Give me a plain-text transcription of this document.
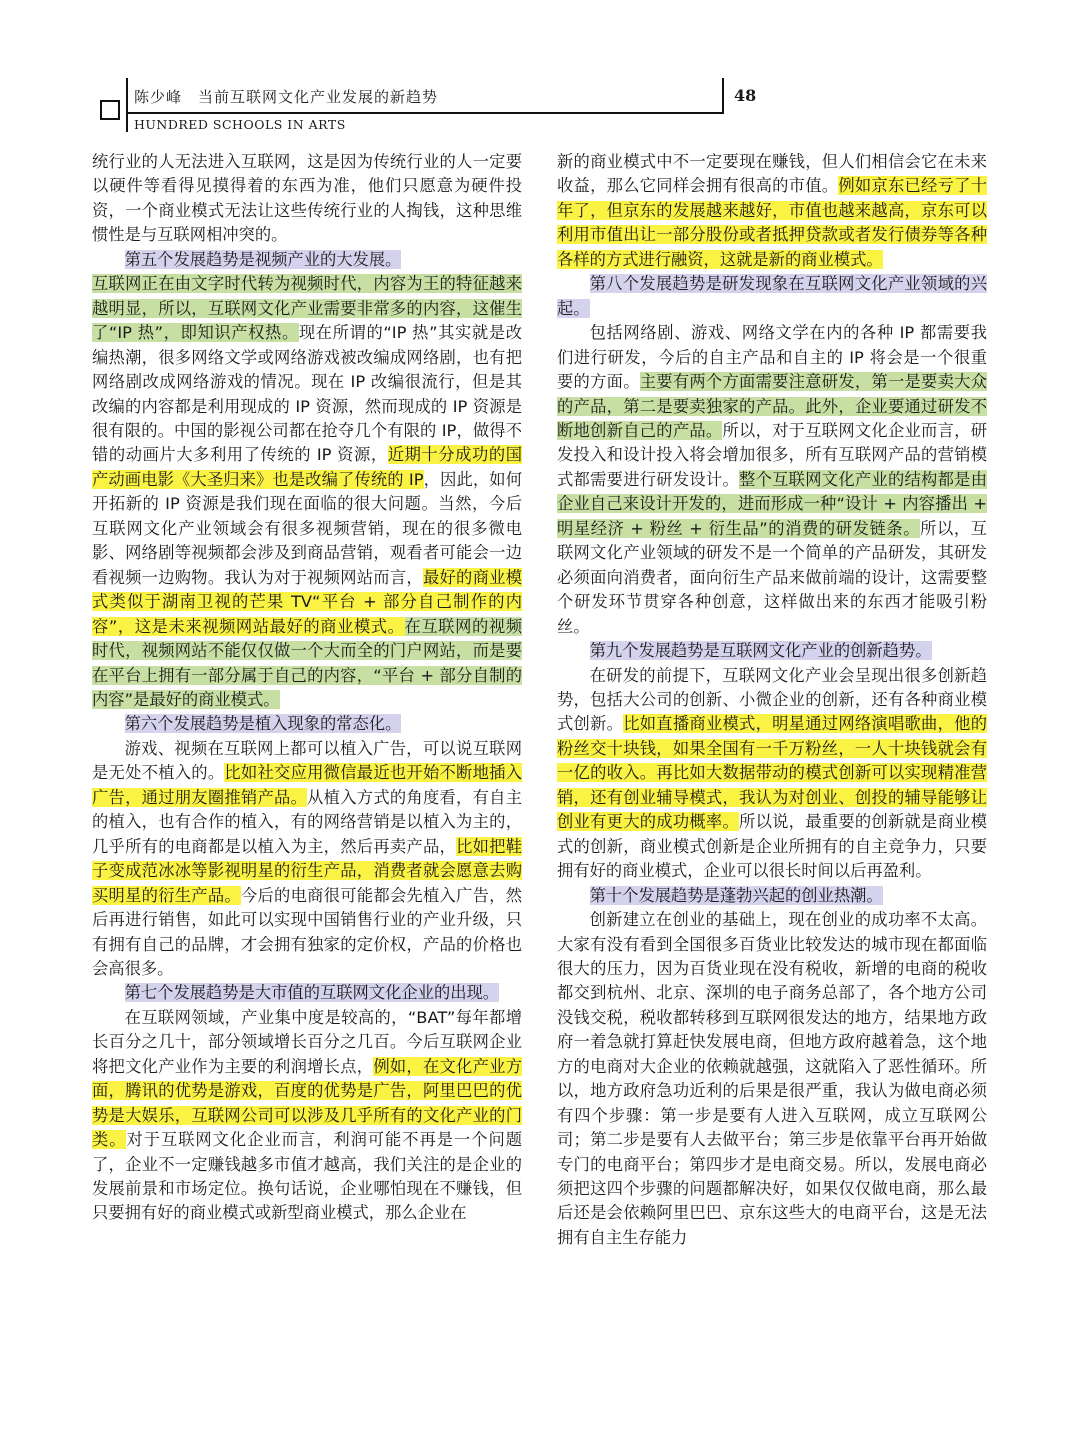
陈少峰　当前互联网文化产业发展的新趋势
HUNDRED SCHOOLS IN ARTS
48

统行业的人无法进入互联网，这是因为传统行业的人一定要以硬件等看得见摸得着的东西为准，他们只愿意为硬件投资，一个商业模式无法让这些传统行业的人掏钱，这种思维惯性是与互联网相冲突的。

第五个发展趋势是视频产业的大发展。

互联网正在由文字时代转为视频时代，内容为王的特征越来越明显，所以，互联网文化产业需要非常多的内容，这催生了“IP 热”，即知识产权热。现在所谓的“IP 热”其实就是改编热潮，很多网络文学或网络游戏被改编成网络剧，也有把网络剧改成网络游戏的情况。现在 IP 改编很流行，但是其改编的内容都是利用现成的 IP 资源，然而现成的 IP 资源是很有限的。中国的影视公司都在抢夺几个有限的 IP，做得不错的动画片大多利用了传统的 IP 资源，近期十分成功的国产动画电影《大圣归来》也是改编了传统的 IP，因此，如何开拓新的 IP 资源是我们现在面临的很大问题。当然，今后互联网文化产业领域会有很多视频营销，现在的很多微电影、网络剧等视频都会涉及到商品营销，观看者可能会一边看视频一边购物。我认为对于视频网站而言，最好的商业模式类似于湖南卫视的芒果 TV“平台 + 部分自己制作的内容”，这是未来视频网站最好的商业模式。在互联网的视频时代，视频网站不能仅仅做一个大而全的门户网站，而是要在平台上拥有一部分属于自己的内容，“平台 + 部分自制的内容”是最好的商业模式。

第六个发展趋势是植入现象的常态化。

游戏、视频在互联网上都可以植入广告，可以说互联网是无处不植入的。比如社交应用微信最近也开始不断地插入广告，通过朋友圈推销产品。从植入方式的角度看，有自主的植入，也有合作的植入，有的网络营销是以植入为主的，几乎所有的电商都是以植入为主，然后再卖产品，比如把鞋子变成范冰冰等影视明星的衍生产品，消费者就会愿意去购买明星的衍生产品。今后的电商很可能都会先植入广告，然后再进行销售，如此可以实现中国销售行业的产业升级，只有拥有自己的品牌，才会拥有独家的定价权，产品的价格也会高很多。

第七个发展趋势是大市值的互联网文化企业的出现。

在互联网领域，产业集中度是较高的，“BAT”每年都增长百分之几十，部分领域增长百分之几百。今后互联网企业将把文化产业作为主要的利润增长点，例如，在文化产业方面，腾讯的优势是游戏，百度的优势是广告，阿里巴巴的优势是大娱乐，互联网公司可以涉及几乎所有的文化产业的门类。对于互联网文化企业而言，利润可能不再是一个问题了，企业不一定赚钱越多市值才越高，我们关注的是企业的发展前景和市场定位。换句话说，企业哪怕现在不赚钱，但只要拥有好的商业模式或新型商业模式，那么企业在

新的商业模式中不一定要现在赚钱，但人们相信会它在未来收益，那么它同样会拥有很高的市值。例如京东已经亏了十年了，但京东的发展越来越好，市值也越来越高，京东可以利用市值出让一部分股份或者抵押贷款或者发行债券等各种各样的方式进行融资，这就是新的商业模式。

第八个发展趋势是研发现象在互联网文化产业领域的兴起。

包括网络剧、游戏、网络文学在内的各种 IP 都需要我们进行研发，今后的自主产品和自主的 IP 将会是一个很重要的方面。主要有两个方面需要注意研发，第一是要卖大众的产品，第二是要卖独家的产品。此外，企业要通过研发不断地创新自己的产品。所以，对于互联网文化企业而言，研发投入和设计投入将会增加很多，所有互联网产品的营销模式都需要进行研发设计。整个互联网文化产业的结构都是由企业自己来设计开发的，进而形成一种“设计 + 内容播出 + 明星经济 + 粉丝 + 衍生品”的消费的研发链条。所以，互联网文化产业领域的研发不是一个简单的产品研发，其研发必须面向消费者，面向衍生产品来做前端的设计，这需要整个研发环节贯穿各种创意，这样做出来的东西才能吸引粉丝。

第九个发展趋势是互联网文化产业的创新趋势。

在研发的前提下，互联网文化产业会呈现出很多创新趋势，包括大公司的创新、小微企业的创新，还有各种商业模式创新。比如直播商业模式，明星通过网络演唱歌曲，他的粉丝交十块钱，如果全国有一千万粉丝，一人十块钱就会有一亿的收入。再比如大数据带动的模式创新可以实现精准营销，还有创业辅导模式，我认为对创业、创投的辅导能够让创业有更大的成功概率。所以说，最重要的创新就是商业模式的创新，商业模式创新是企业所拥有的自主竞争力，只要拥有好的商业模式，企业可以很长时间以后再盈利。

第十个发展趋势是蓬勃兴起的创业热潮。

创新建立在创业的基础上，现在创业的成功率不太高。大家有没有看到全国很多百货业比较发达的城市现在都面临很大的压力，因为百货业现在没有税收，新增的电商的税收都交到杭州、北京、深圳的电子商务总部了，各个地方公司没钱交税，税收都转移到互联网很发达的地方，结果地方政府一着急就打算赶快发展电商，但地方政府越着急，这个地方的电商对大企业的依赖就越强，这就陷入了恶性循环。所以，地方政府急功近利的后果是很严重，我认为做电商必须有四个步骤：第一步是要有人进入互联网，成立互联网公司；第二步是要有人去做平台；第三步是依靠平台再开始做专门的电商平台；第四步才是电商交易。所以，发展电商必须把这四个步骤的问题都解决好，如果仅仅做电商，那么最后还是会依赖阿里巴巴、京东这些大的电商平台，这是无法拥有自主生存能力
